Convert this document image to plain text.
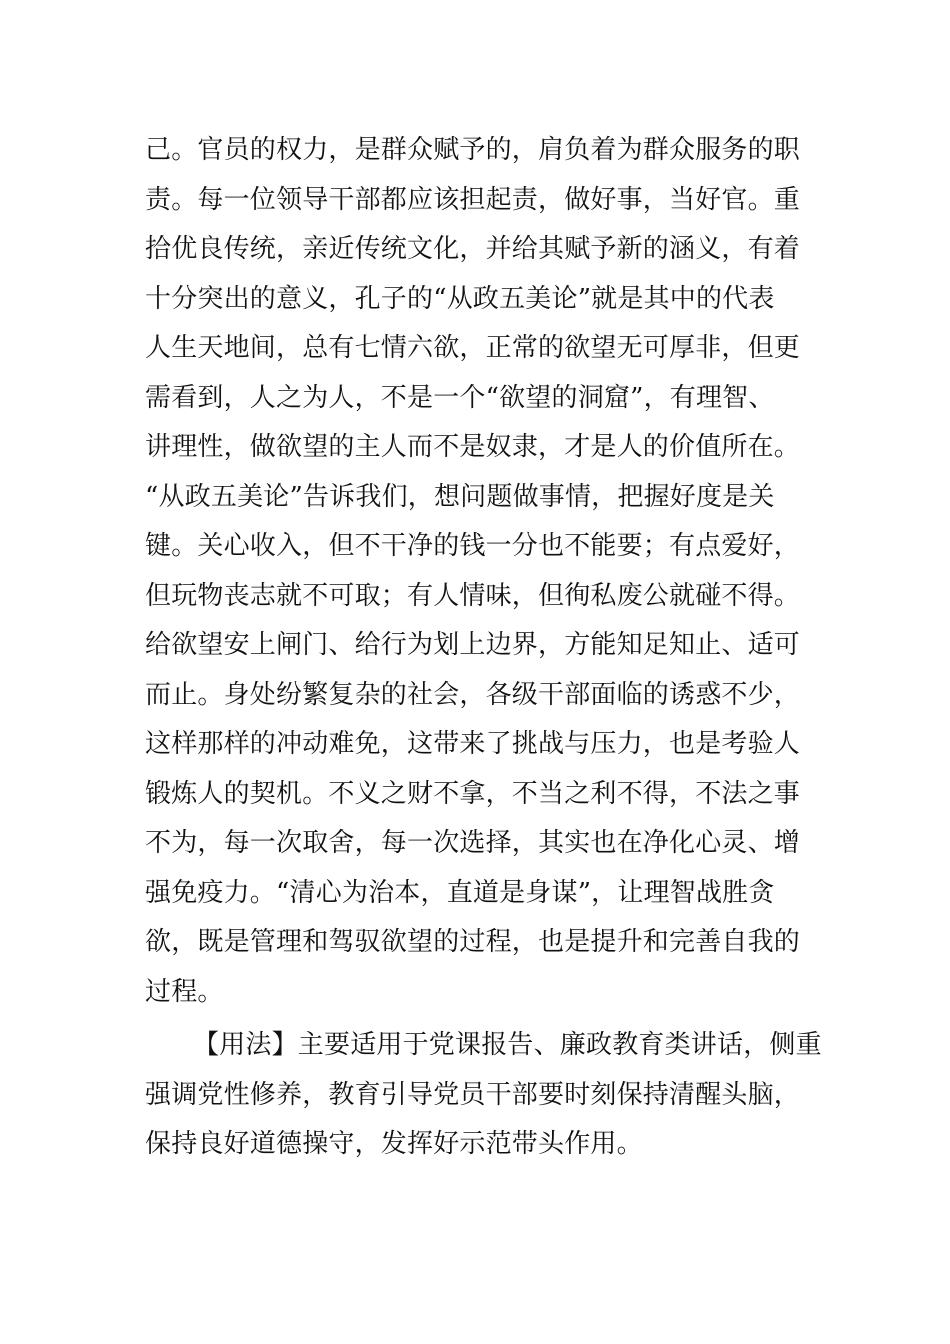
己。官员的权力，是群众赋予的，肩负着为群众服务的职
责。每一位领导干部都应该担起责，做好事，当好官。重
拾优良传统，亲近传统文化，并给其赋予新的涵义，有着
十分突出的意义，孔子的“从政五美论”就是其中的代表
人生天地间，总有七情六欲，正常的欲望无可厚非，但更
需看到，人之为人，不是一个“欲望的洞窟”，有理智、
讲理性，做欲望的主人而不是奴隶，才是人的价值所在。
“从政五美论”告诉我们，想问题做事情，把握好度是关
键。关心收入，但不干净的钱一分也不能要；有点爱好，
但玩物丧志就不可取；有人情味，但徇私废公就碰不得。
给欲望安上闸门、给行为划上边界，方能知足知止、适可
而止。身处纷繁复杂的社会，各级干部面临的诱惑不少，
这样那样的冲动难免，这带来了挑战与压力，也是考验人
锻炼人的契机。不义之财不拿，不当之利不得，不法之事
不为，每一次取舍，每一次选择，其实也在净化心灵、增
强免疫力。“清心为治本，直道是身谋”，让理智战胜贪
欲，既是管理和驾驭欲望的过程，也是提升和完善自我的
过程。
【用法】主要适用于党课报告、廉政教育类讲话，侧重
强调党性修养，教育引导党员干部要时刻保持清醒头脑，
保持良好道德操守，发挥好示范带头作用。
